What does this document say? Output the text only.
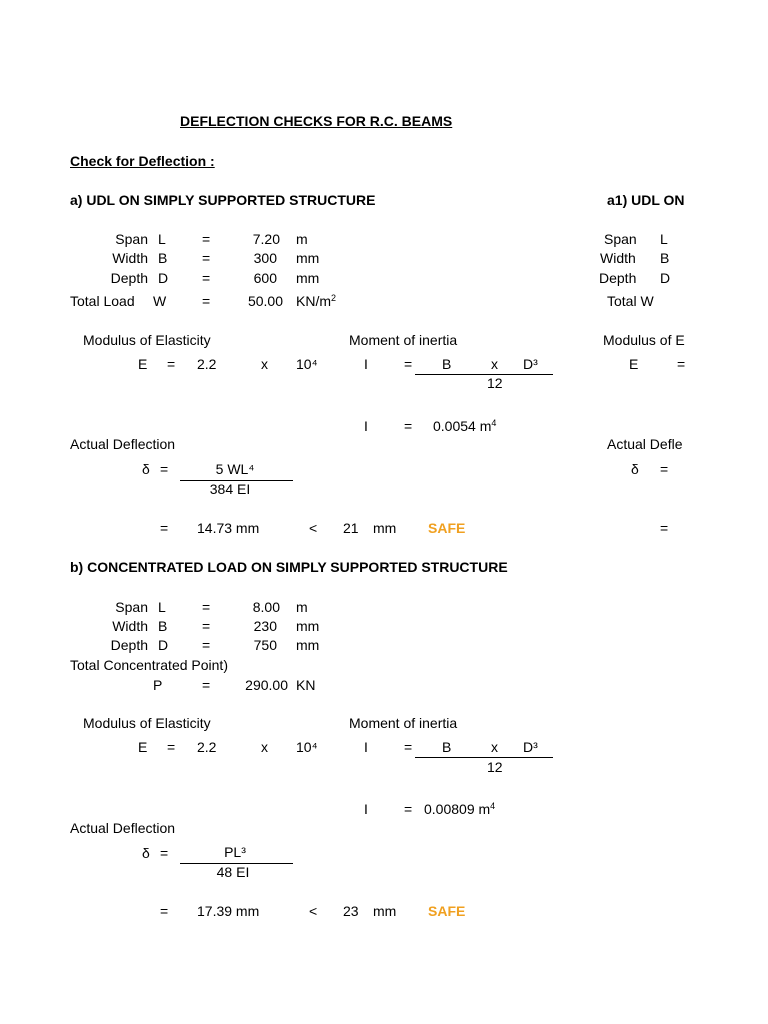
DEFLECTION CHECKS FOR R.C. BEAMS
Check for Deflection :
a) UDL ON SIMPLY SUPPORTED STRUCTURE
Span L	=	7.20 m
Width B =	300 mm
Depth D =	600 mm
Total Load W	=	50.00 $KN/m^2$
Modulus of Elasticity	Moment of inertia
E = 2.2	x 10⁴	I	= B	x D³
12
I	= 0.0054 $m^4$
Actual Deflection
δ =	5 WL⁴
384 EI
= 14.73 mm	< 21 mm SAFE
b) CONCENTRATED LOAD ON SIMPLY SUPPORTED STRUCTURE
Span L	=	8.00 m
Width B =	230 mm
Depth D =	750 mm
Total Concentrated Point)
P	=	290.00 KN
Modulus of Elasticity	Moment of inertia
E = 2.2	x 10⁴	I	= B	x D³
12
I	= 0.00809 $m^4$
Actual Deflection
δ =	PL³
48 EI
= 17.39 mm	< 23 mm SAFE
a1) UDL ON
Span L
Width B
Depth D
Total W
Modulus of E
E	=
Actual Defle
δ =
=
